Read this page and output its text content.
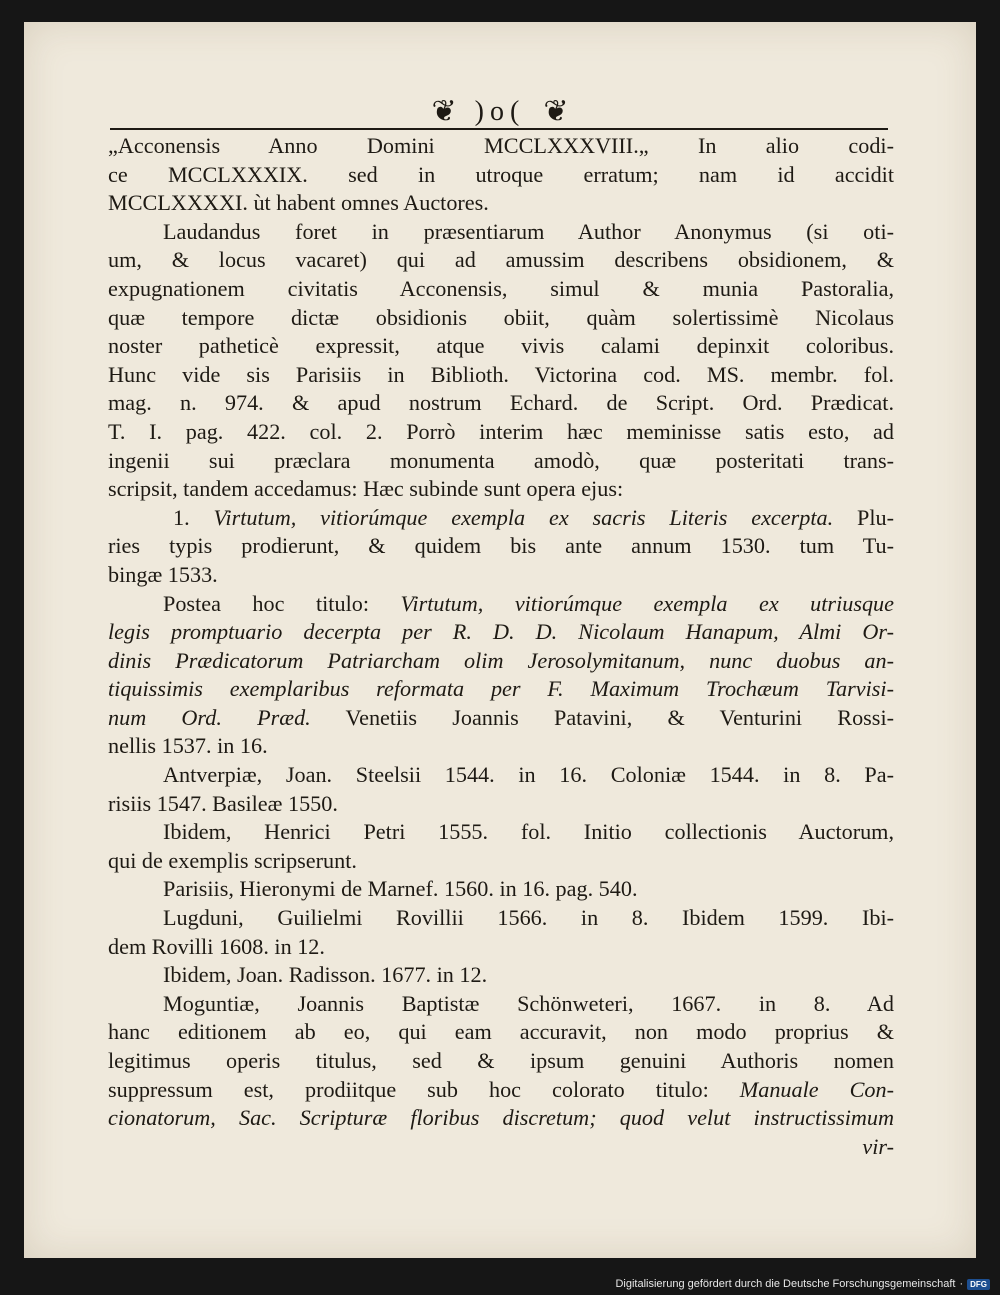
❦ )o( ❦
„Acconensis Anno Domini MCCLXXXVIII.„ In alio codi-
ce MCCLXXXIX. sed in utroque erratum; nam id accidit
MCCLXXXXI. ùt habent omnes Auctores.
Laudandus foret in præsentiarum Author Anonymus (si oti-
um, & locus vacaret) qui ad amussim describens obsidionem, &
expugnationem civitatis Acconensis, simul & munia Pastoralia,
quæ tempore dictæ obsidionis obiit, quàm solertissimè Nicolaus
noster patheticè expressit, atque vivis calami depinxit coloribus.
Hunc vide sis Parisiis in Biblioth. Victorina cod. MS. membr. fol.
mag. n. 974. & apud nostrum Echard. de Script. Ord. Prædicat.
T. I. pag. 422. col. 2. Porrò interim hæc meminisse satis esto, ad
ingenii sui præclara monumenta amodò, quæ posteritati trans-
scripsit, tandem accedamus: Hæc subinde sunt opera ejus:
1. Virtutum, vitiorúmque exempla ex sacris Literis excerpta. Plu-
ries typis prodierunt, & quidem bis ante annum 1530. tum Tu-
bingæ 1533.
Postea hoc titulo: Virtutum, vitiorúmque exempla ex utriusque
legis promptuario decerpta per R. D. D. Nicolaum Hanapum, Almi Or-
dinis Prædicatorum Patriarcham olim Jerosolymitanum, nunc duobus an-
tiquissimis exemplaribus reformata per F. Maximum Trochæum Tarvisi-
num Ord. Præd. Venetiis Joannis Patavini, & Venturini Rossi-
nellis 1537. in 16.
Antverpiæ, Joan. Steelsii 1544. in 16. Coloniæ 1544. in 8. Pa-
risiis 1547. Basileæ 1550.
Ibidem, Henrici Petri 1555. fol. Initio collectionis Auctorum,
qui de exemplis scripserunt.
Parisiis, Hieronymi de Marnef. 1560. in 16. pag. 540.
Lugduni, Guilielmi Rovillii 1566. in 8. Ibidem 1599. Ibi-
dem Rovilli 1608. in 12.
Ibidem, Joan. Radisson. 1677. in 12.
Moguntiæ, Joannis Baptistæ Schönweteri, 1667. in 8. Ad
hanc editionem ab eo, qui eam accuravit, non modo proprius &
legitimus operis titulus, sed & ipsum genuini Authoris nomen
suppressum est, prodiitque sub hoc colorato titulo: Manuale Con-
cionatorum, Sac. Scripturæ floribus discretum; quod velut instructissimum
vir-
Digitalisierung gefördert durch die Deutsche Forschungsgemeinschaft · DFG
